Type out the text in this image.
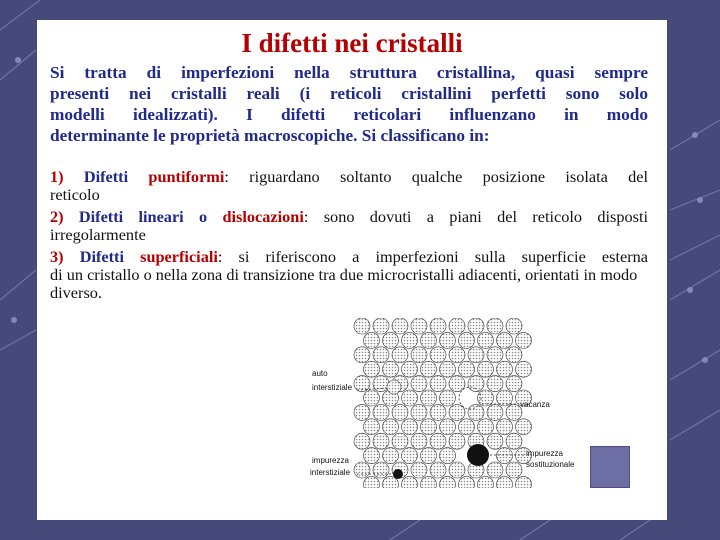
I difetti nei cristalli
Si tratta di imperfezioni nella struttura cristallina, quasi sempre
presenti nei cristalli reali (i reticoli cristallini perfetti sono solo
modelli idealizzati). I difetti reticolari influenzano in modo
determinante le proprietà macroscopiche. Si classificano in:
1) Difetti puntiformi: riguardano soltanto qualche posizione isolata del
reticolo
2) Difetti lineari o dislocazioni: sono dovuti a piani del reticolo disposti
irregolarmente
3) Difetti superficiali: si riferiscono a imperfezioni sulla superficie esterna
di un cristallo o nella zona di transizione tra due microcristalli adiacenti, orientati in modo diverso.
auto
interstiziale
vacanza
impurezza
interstiziale
impurezza
sostituzionale
